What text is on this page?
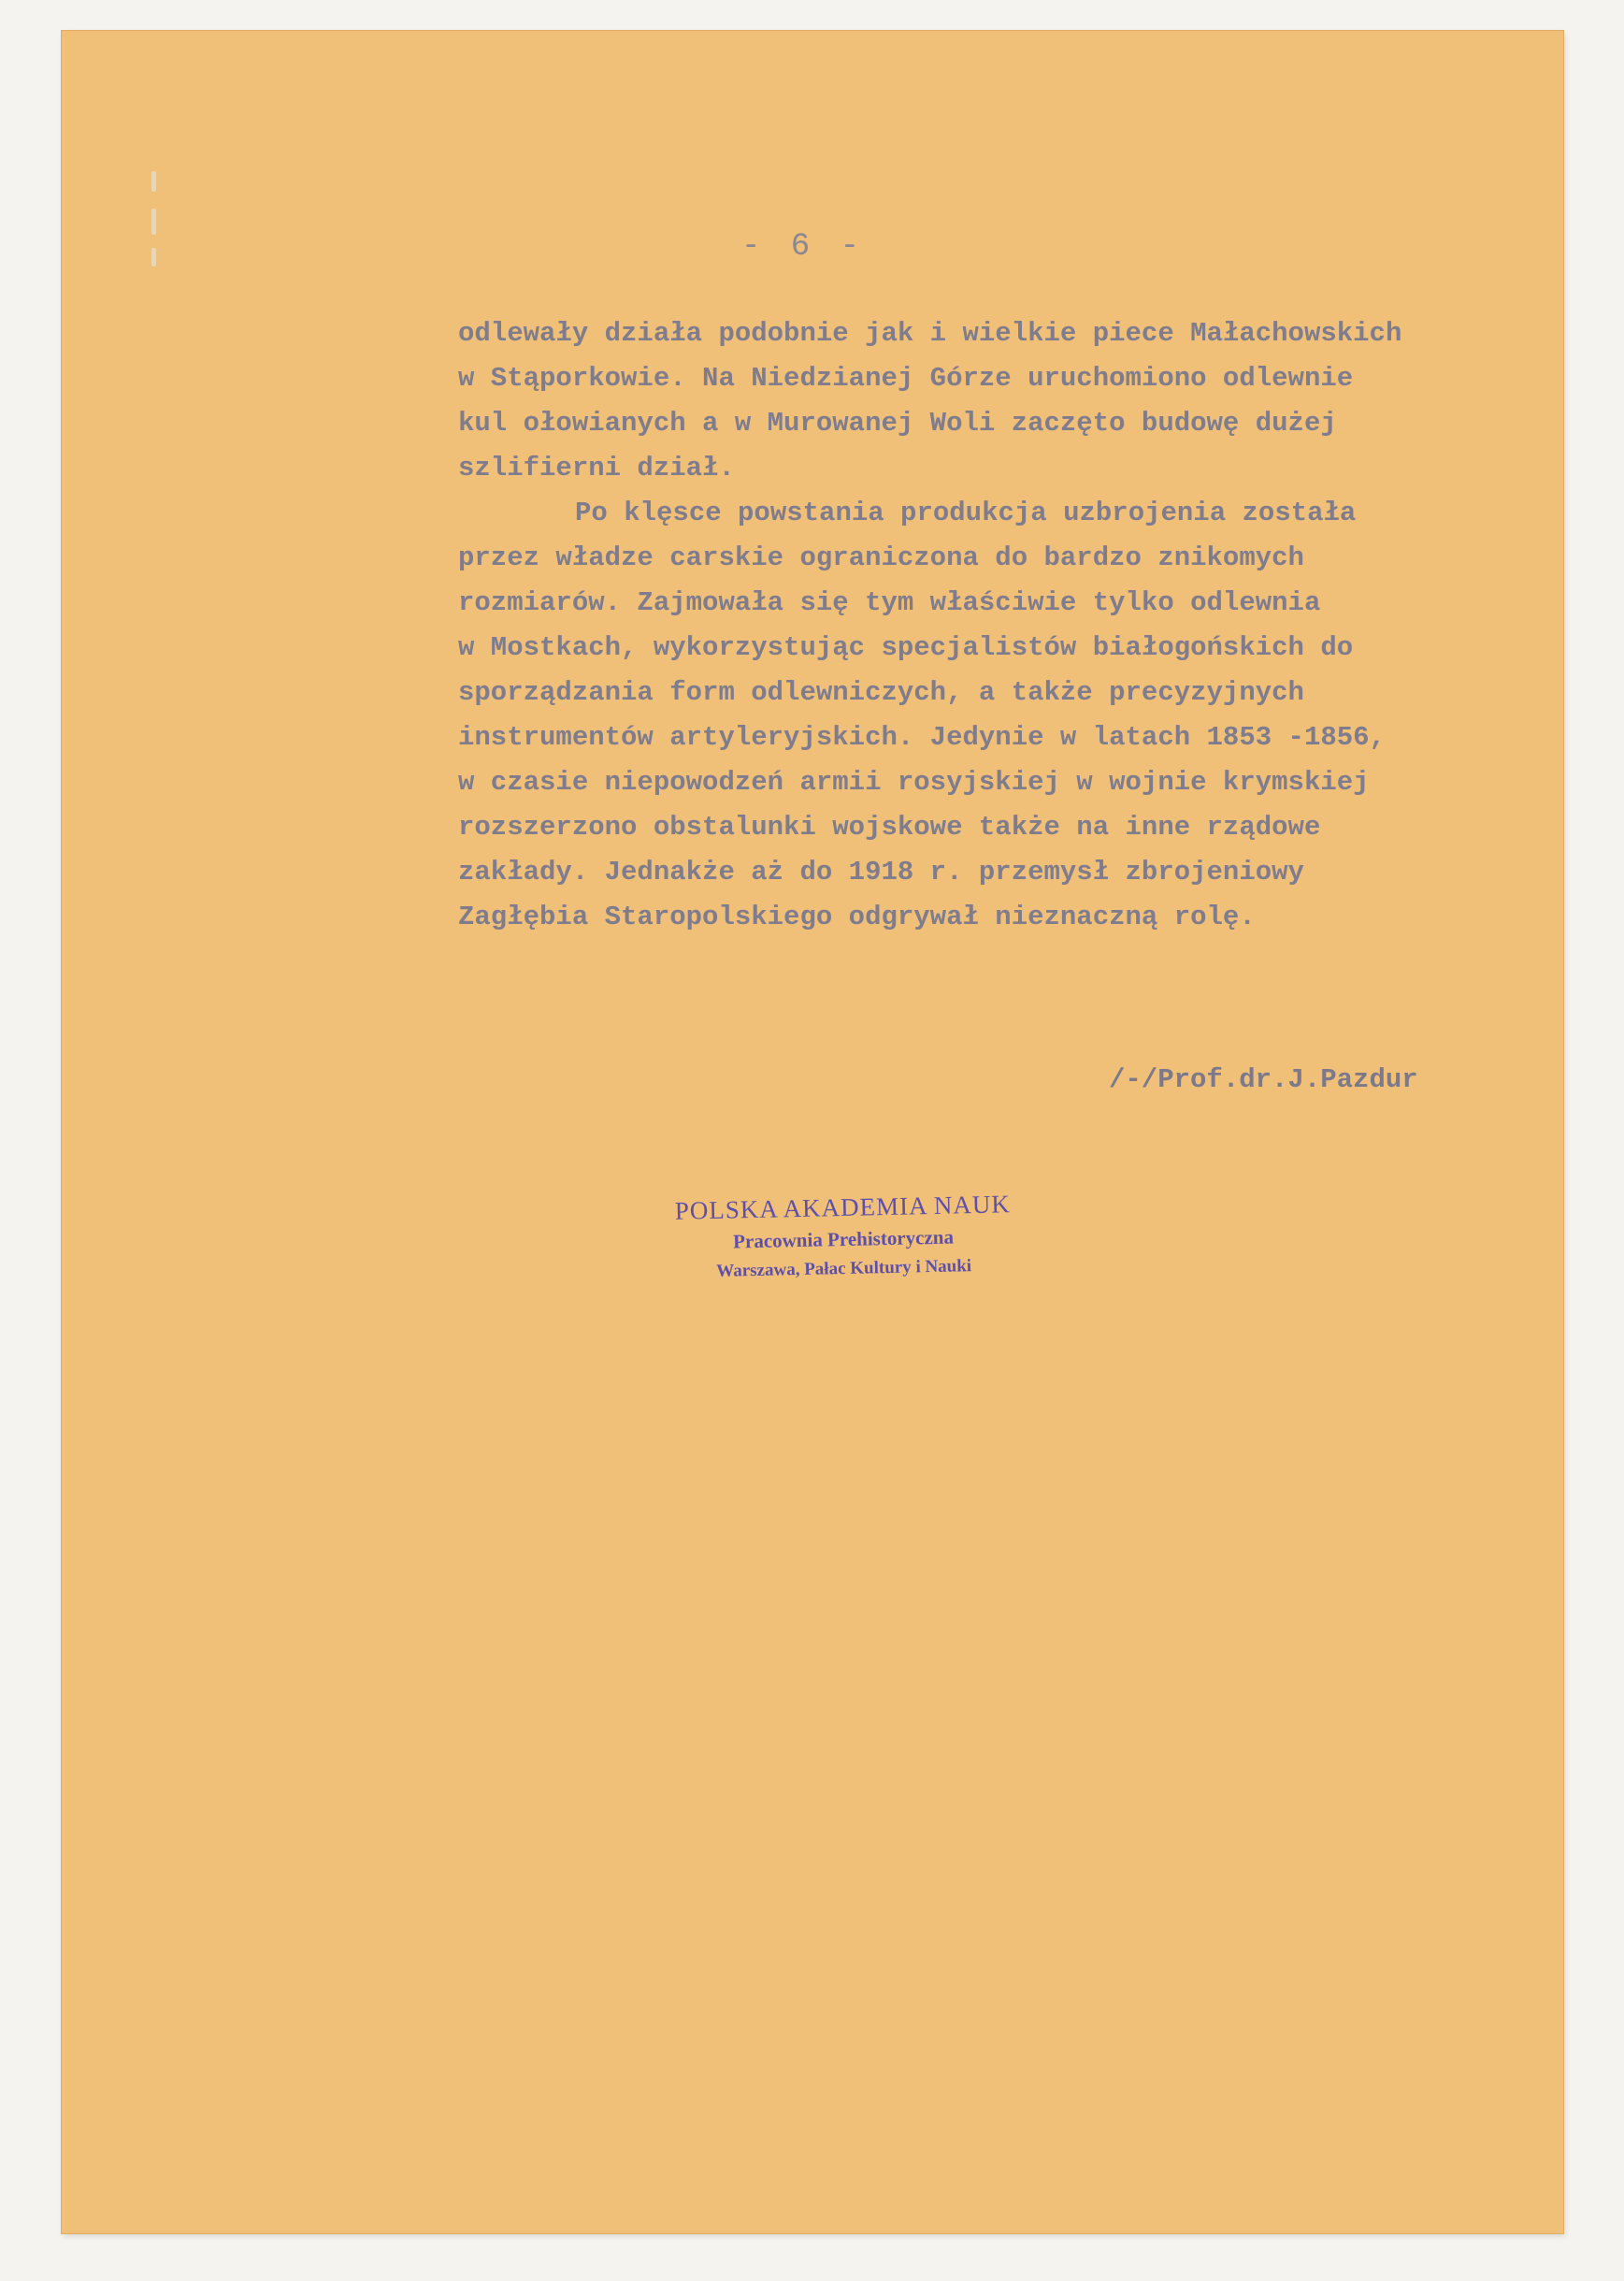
- 6 -
odlewały działa podobnie jak i wielkie piece Małachowskich
w Stąporkowie. Na Niedzianej Górze uruchomiono odlewnie
kul ołowianych a w Murowanej Woli zaczęto budowę dużej
szlifierni dział.
Po klęsce powstania produkcja uzbrojenia została
przez władze carskie ograniczona do bardzo znikomych
rozmiarów. Zajmowała się tym właściwie tylko odlewnia
w Mostkach, wykorzystując specjalistów białogońskich do
sporządzania form odlewniczych, a także precyzyjnych
instrumentów artyleryjskich. Jedynie w latach 1853 -1856,
w czasie niepowodzeń armii rosyjskiej w wojnie krymskiej
rozszerzono obstalunki wojskowe także na inne rządowe
zakłady. Jednakże aż do 1918 r. przemysł zbrojeniowy
Zagłębia Staropolskiego odgrywał nieznaczną rolę.
/-/Prof.dr.J.Pazdur
POLSKA AKADEMIA NAUK
Pracownia Prehistoryczna
Warszawa, Pałac Kultury i Nauki
